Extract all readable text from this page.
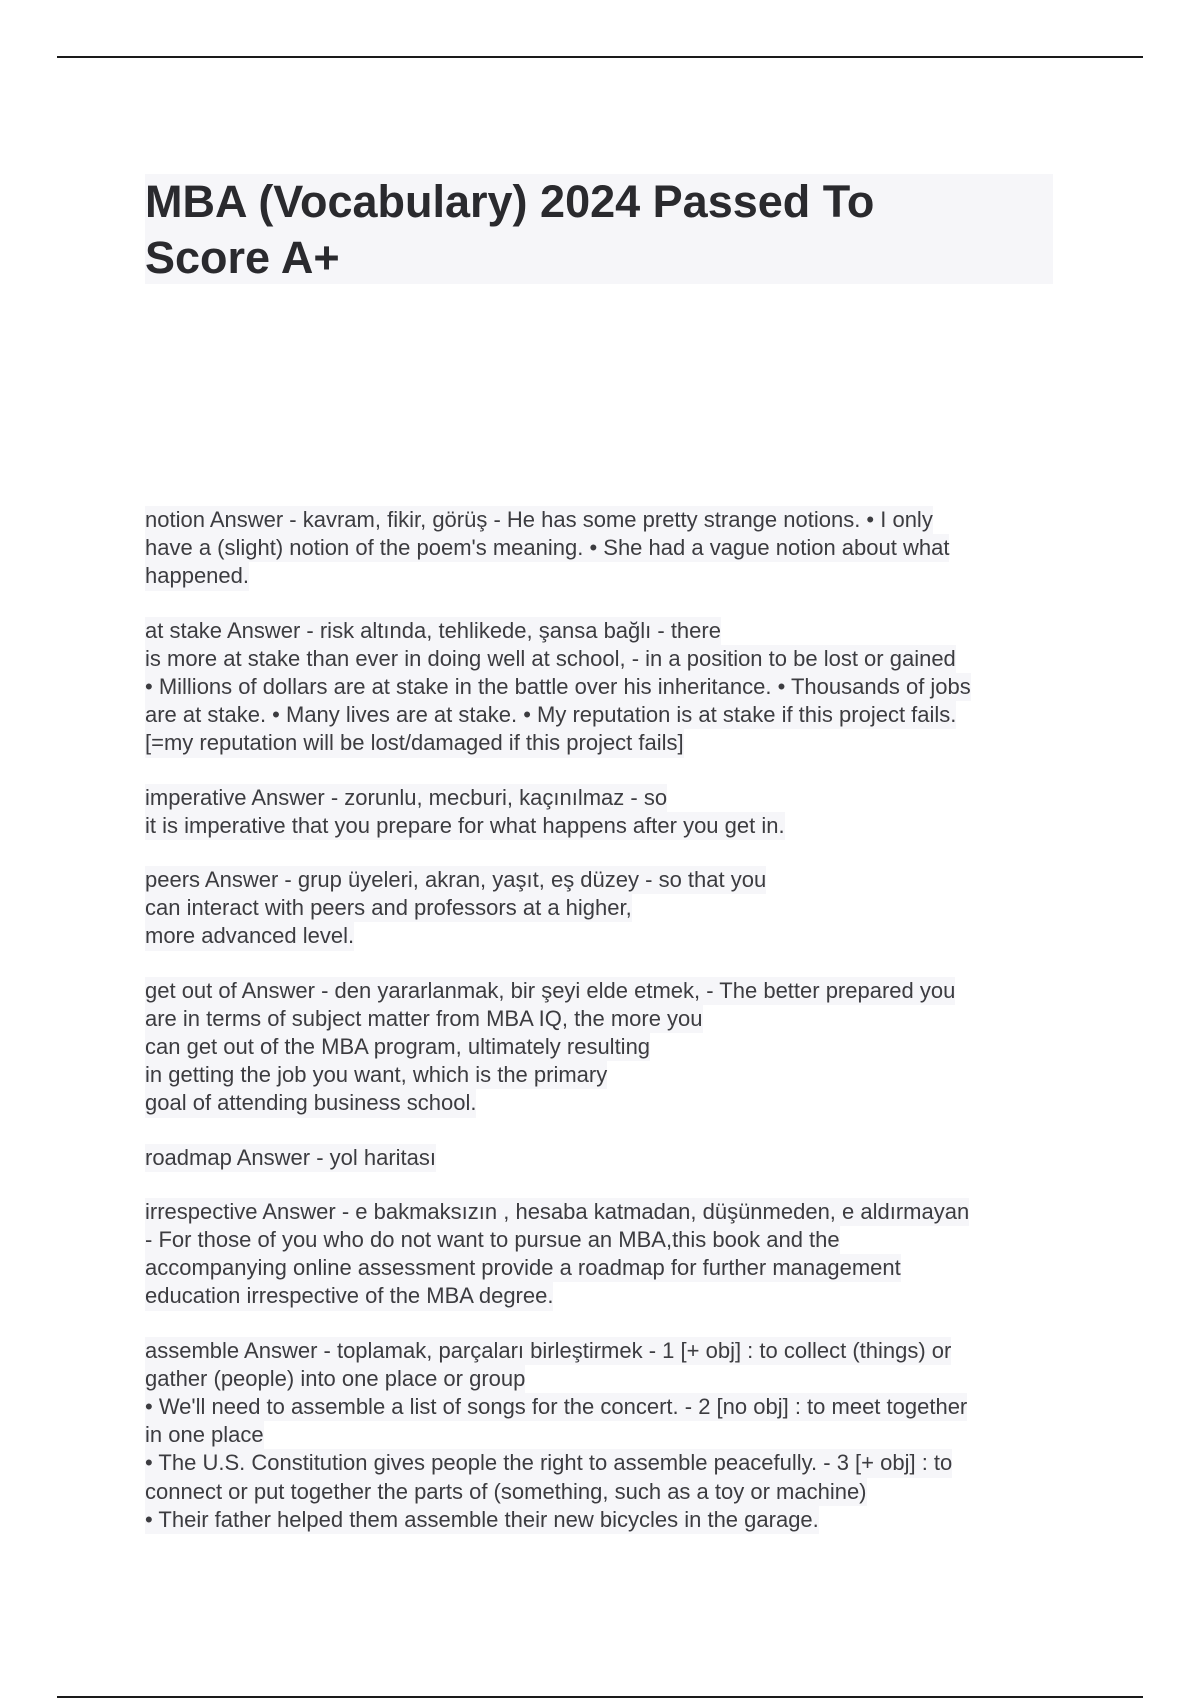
MBA (Vocabulary) 2024 Passed To
Score A+
notion Answer - kavram, fikir, görüş - He has some pretty strange notions. • I only
have a (slight) notion of the poem's meaning. • She had a vague notion about what
happened.
at stake Answer - risk altında, tehlikede, şansa bağlı - there
is more at stake than ever in doing well at school, - in a position to be lost or gained
• Millions of dollars are at stake in the battle over his inheritance. • Thousands of jobs
are at stake. • Many lives are at stake. • My reputation is at stake if this project fails.
[=my reputation will be lost/damaged if this project fails]
imperative Answer - zorunlu, mecburi, kaçınılmaz - so
it is imperative that you prepare for what happens after you get in.
peers Answer - grup üyeleri, akran, yaşıt, eş düzey - so that you
can interact with peers and professors at a higher,
more advanced level.
get out of Answer - den yararlanmak, bir şeyi elde etmek, - The better prepared you
are in terms of subject matter from MBA IQ, the more you
can get out of the MBA program, ultimately resulting
in getting the job you want, which is the primary
goal of attending business school.
roadmap Answer - yol haritası
irrespective Answer - e bakmaksızın , hesaba katmadan, düşünmeden, e aldırmayan
- For those of you who do not want to pursue an MBA,this book and the
accompanying online assessment provide a roadmap for further management
education irrespective of the MBA degree.
assemble Answer - toplamak, parçaları birleştirmek - 1 [+ obj] : to collect (things) or
gather (people) into one place or group
• We'll need to assemble a list of songs for the concert. - 2 [no obj] : to meet together
in one place
• The U.S. Constitution gives people the right to assemble peacefully. - 3 [+ obj] : to
connect or put together the parts of (something, such as a toy or machine)
• Their father helped them assemble their new bicycles in the garage.
